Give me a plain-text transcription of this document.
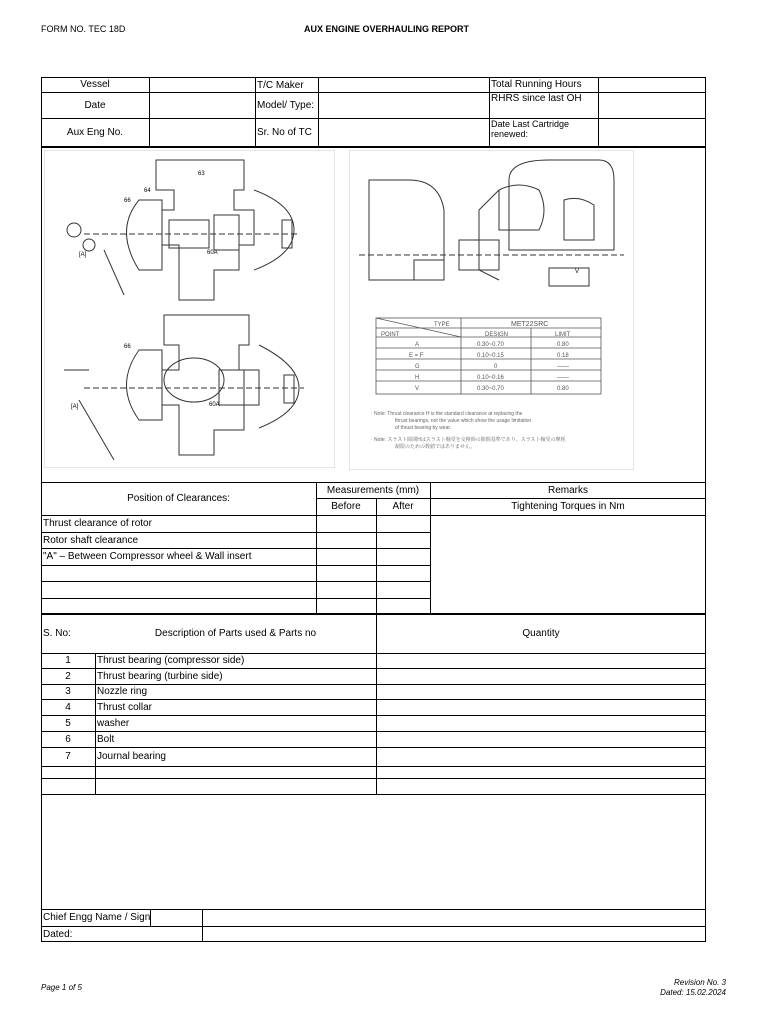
FORM NO. TEC 18D	AUX ENGINE OVERHAULING REPORT
Vessel	T/C Maker	Total Running Hours
Date	Model/ Type:
RHRS since last OH
Aux Eng No.	Sr. No of TC
Date Last Cartridge
renewed:
63
64
66
60A
[A]
66
[A]	60A
V
TYPE	MET22SRC
POINT	DESIGN	LIMIT
A	0.30~0.70	0.80
E = F	0.10~0.15	0.18
G	0	——
H	0.10~0.16	——
V	0.30~0.70	0.80
· Note: Thrust clearance H is the standard clearance at replacing the
thrust bearings, not the value which show the usage limitation
of thrust bearing by wear.
· Note: スラスト隙間Hはスラスト軸受を交換時の隙間基準であり、スラスト軸受の摩耗
制限のための数値ではありません。
Position of Clearances:
Measurements (mm)	Remarks
Before	After	Tightening Torques in Nm
Thrust clearance of rotor
Rotor shaft clearance
"A" – Between Compressor wheel & Wall insert
S. No:	Description of Parts used & Parts no	Quantity
1	Thrust bearing (compressor side)
2	Thrust bearing (turbine side)
3	Nozzle ring
4	Thrust collar
5	washer
6	Bolt
7	Journal bearing
Chief Engg Name / Sign
Dated:
Page 1 of 5
Revision No. 3
Dated: 15.02.2024
